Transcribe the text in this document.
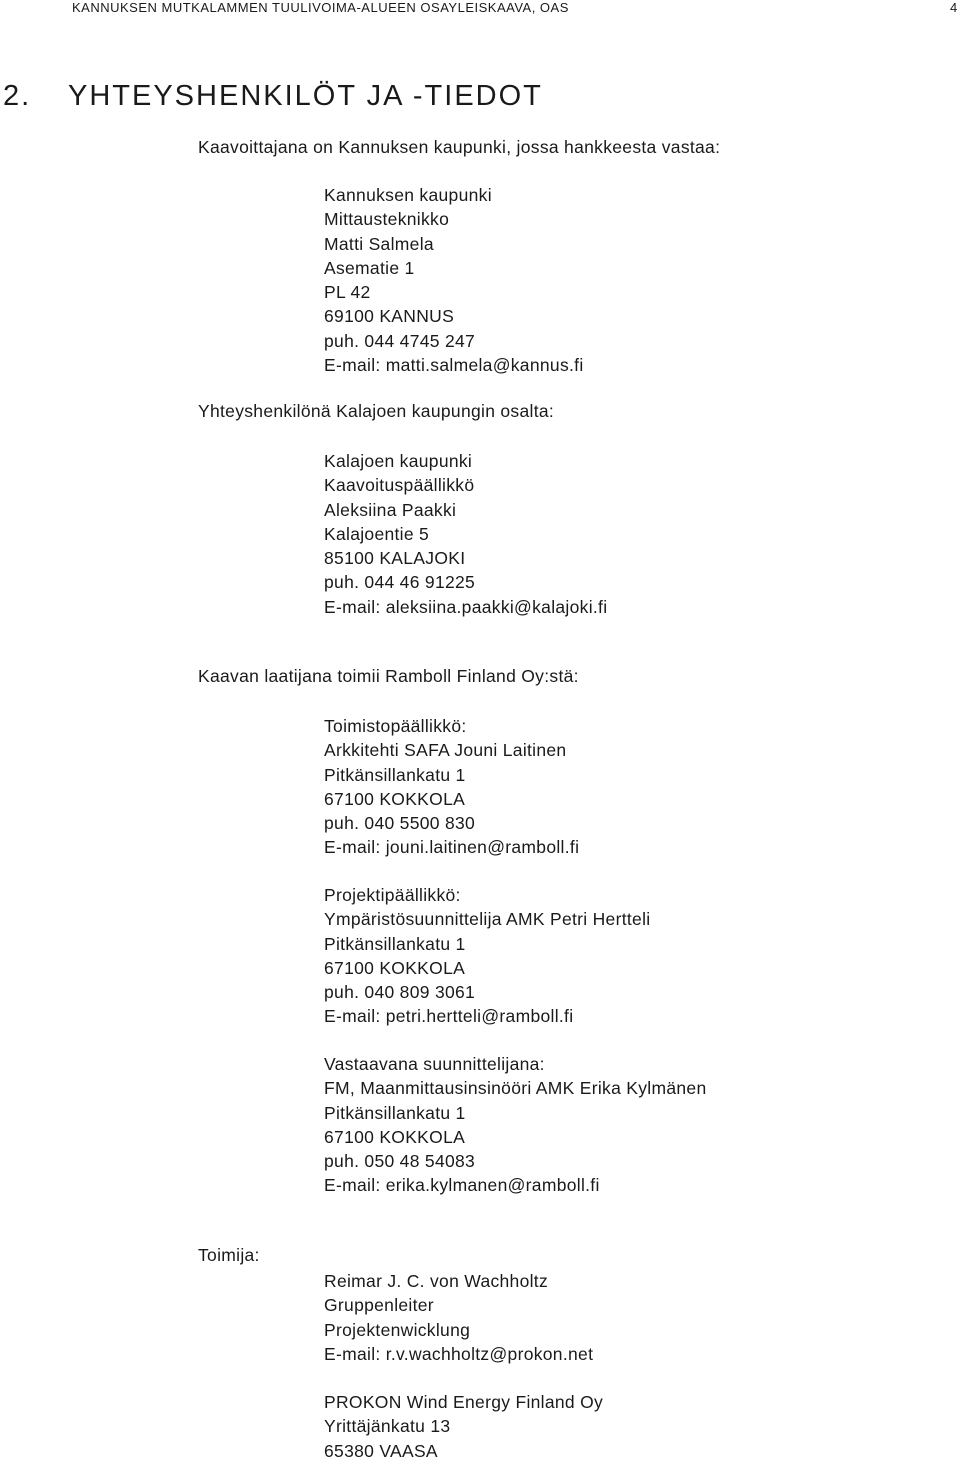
KANNUKSEN MUTKALAMMEN TUULIVOIMA-ALUEEN OSAYLEISKAAVA, OAS	4
2. YHTEYSHENKILÖT JA -TIEDOT
Kaavoittajana on Kannuksen kaupunki, jossa hankkeesta vastaa:
Kannuksen kaupunki
Mittausteknikko
Matti Salmela
Asematie 1
PL 42
69100 KANNUS
puh. 044 4745 247
E-mail: matti.salmela@kannus.fi
Yhteyshenkilönä Kalajoen kaupungin osalta:
Kalajoen kaupunki
Kaavoituspäällikkö
Aleksiina Paakki
Kalajoentie 5
85100 KALAJOKI
puh. 044 46 91225
E-mail: aleksiina.paakki@kalajoki.fi
Kaavan laatijana toimii Ramboll Finland Oy:stä:
Toimistopäällikkö:
Arkkitehti SAFA Jouni Laitinen
Pitkänsillankatu 1
67100 KOKKOLA
puh. 040 5500 830
E-mail: jouni.laitinen@ramboll.fi
Projektipäällikkö:
Ympäristösuunnittelija AMK Petri Hertteli
Pitkänsillankatu 1
67100 KOKKOLA
puh. 040 809 3061
E-mail: petri.hertteli@ramboll.fi
Vastaavana suunnittelijana:
FM, Maanmittausinsinööri AMK Erika Kylmänen
Pitkänsillankatu 1
67100 KOKKOLA
puh. 050 48 54083
E-mail: erika.kylmanen@ramboll.fi
Toimija:
Reimar J. C. von Wachholtz
Gruppenleiter
Projektenwicklung
E-mail: r.v.wachholtz@prokon.net
PROKON Wind Energy Finland Oy
Yrittäjänkatu 13
65380 VAASA
